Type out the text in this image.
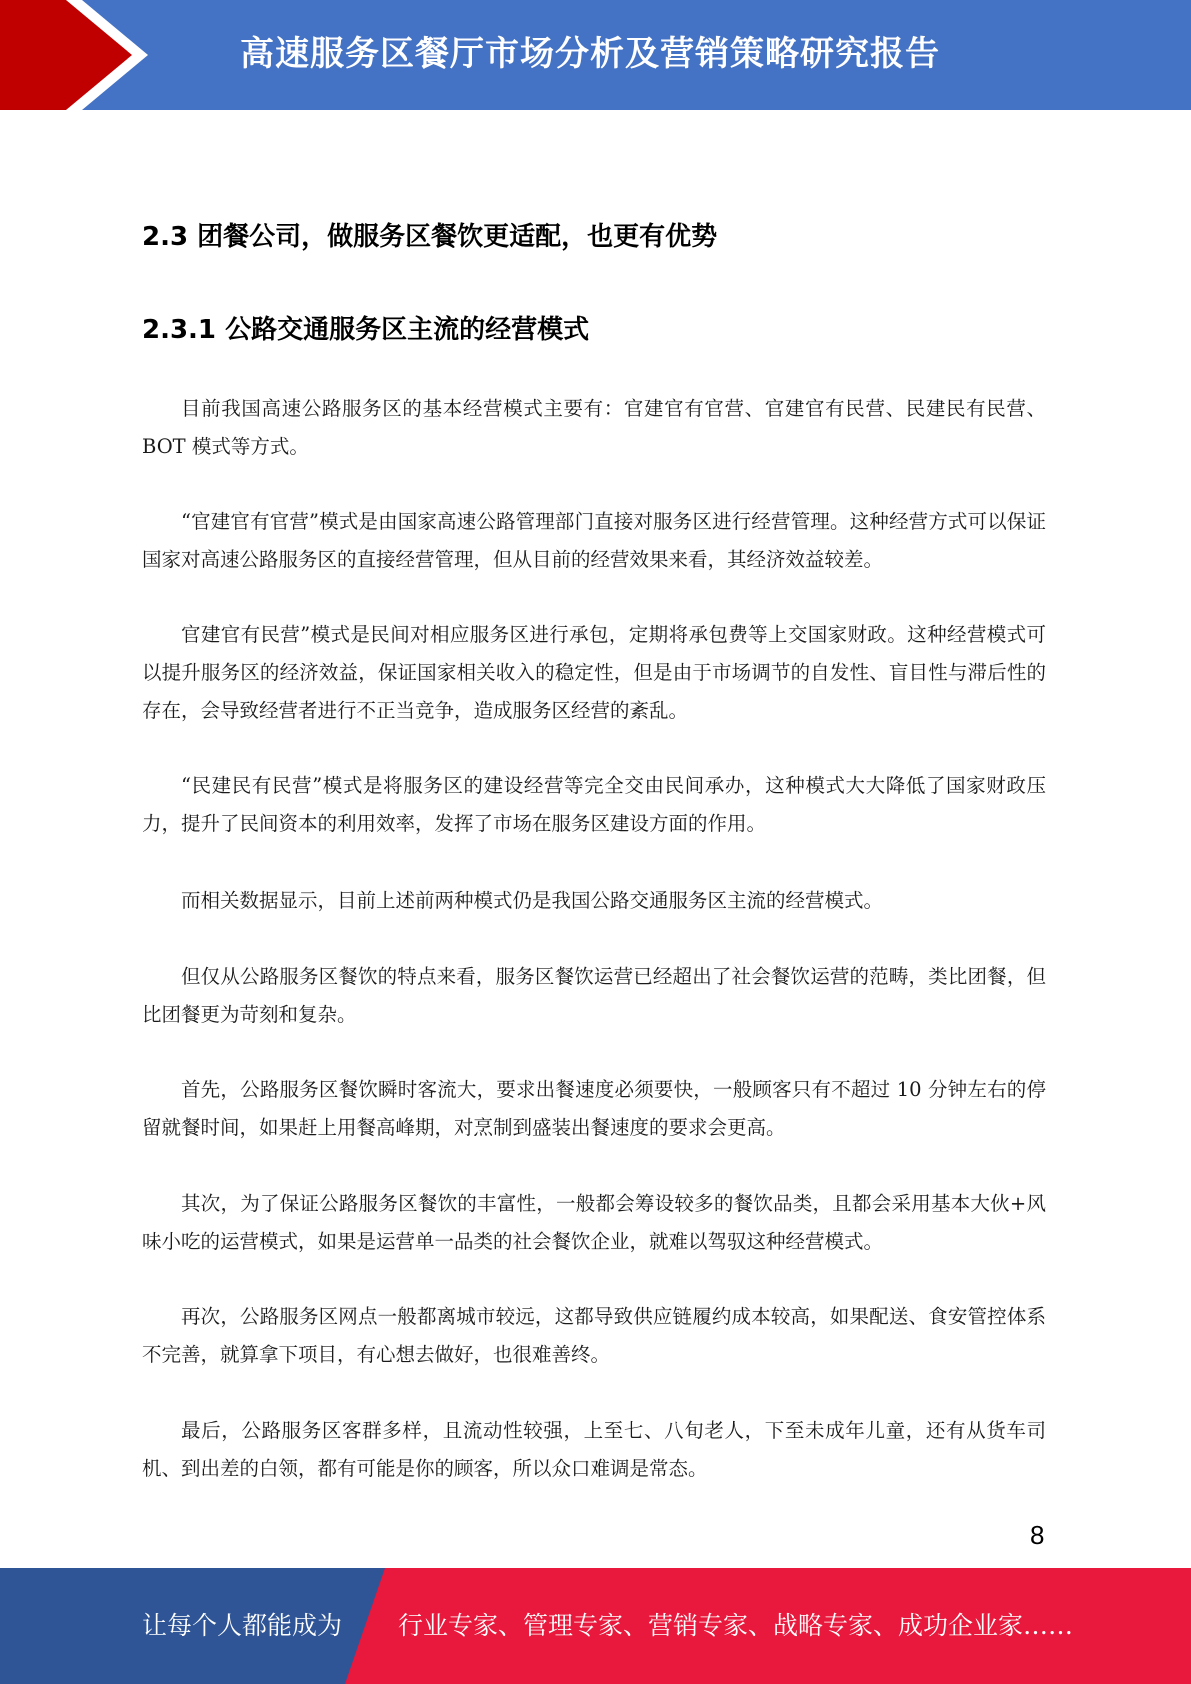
高速服务区餐厅市场分析及营销策略研究报告
2.3 团餐公司，做服务区餐饮更适配，也更有优势
2.3.1 公路交通服务区主流的经营模式

目前我国高速公路服务区的基本经营模式主要有：官建官有官营、官建官有民营、民建民有民营、BOT 模式等方式。

“官建官有官营”模式是由国家高速公路管理部门直接对服务区进行经营管理。这种经营方式可以保证国家对高速公路服务区的直接经营管理，但从目前的经营效果来看，其经济效益较差。

官建官有民营”模式是民间对相应服务区进行承包，定期将承包费等上交国家财政。这种经营模式可以提升服务区的经济效益，保证国家相关收入的稳定性，但是由于市场调节的自发性、盲目性与滞后性的存在，会导致经营者进行不正当竞争，造成服务区经营的紊乱。

“民建民有民营”模式是将服务区的建设经营等完全交由民间承办，这种模式大大降低了国家财政压力，提升了民间资本的利用效率，发挥了市场在服务区建设方面的作用。

而相关数据显示，目前上述前两种模式仍是我国公路交通服务区主流的经营模式。

但仅从公路服务区餐饮的特点来看，服务区餐饮运营已经超出了社会餐饮运营的范畴，类比团餐，但比团餐更为苛刻和复杂。

首先，公路服务区餐饮瞬时客流大，要求出餐速度必须要快，一般顾客只有不超过 10 分钟左右的停留就餐时间，如果赶上用餐高峰期，对烹制到盛装出餐速度的要求会更高。

其次，为了保证公路服务区餐饮的丰富性，一般都会筹设较多的餐饮品类，且都会采用基本大伙+风味小吃的运营模式，如果是运营单一品类的社会餐饮企业，就难以驾驭这种经营模式。

再次，公路服务区网点一般都离城市较远，这都导致供应链履约成本较高，如果配送、食安管控体系不完善，就算拿下项目，有心想去做好，也很难善终。

最后，公路服务区客群多样，且流动性较强，上至七、八旬老人，下至未成年儿童，还有从货车司机、到出差的白领，都有可能是你的顾客，所以众口难调是常态。

8
让每个人都能成为 行业专家、管理专家、营销专家、战略专家、成功企业家……
